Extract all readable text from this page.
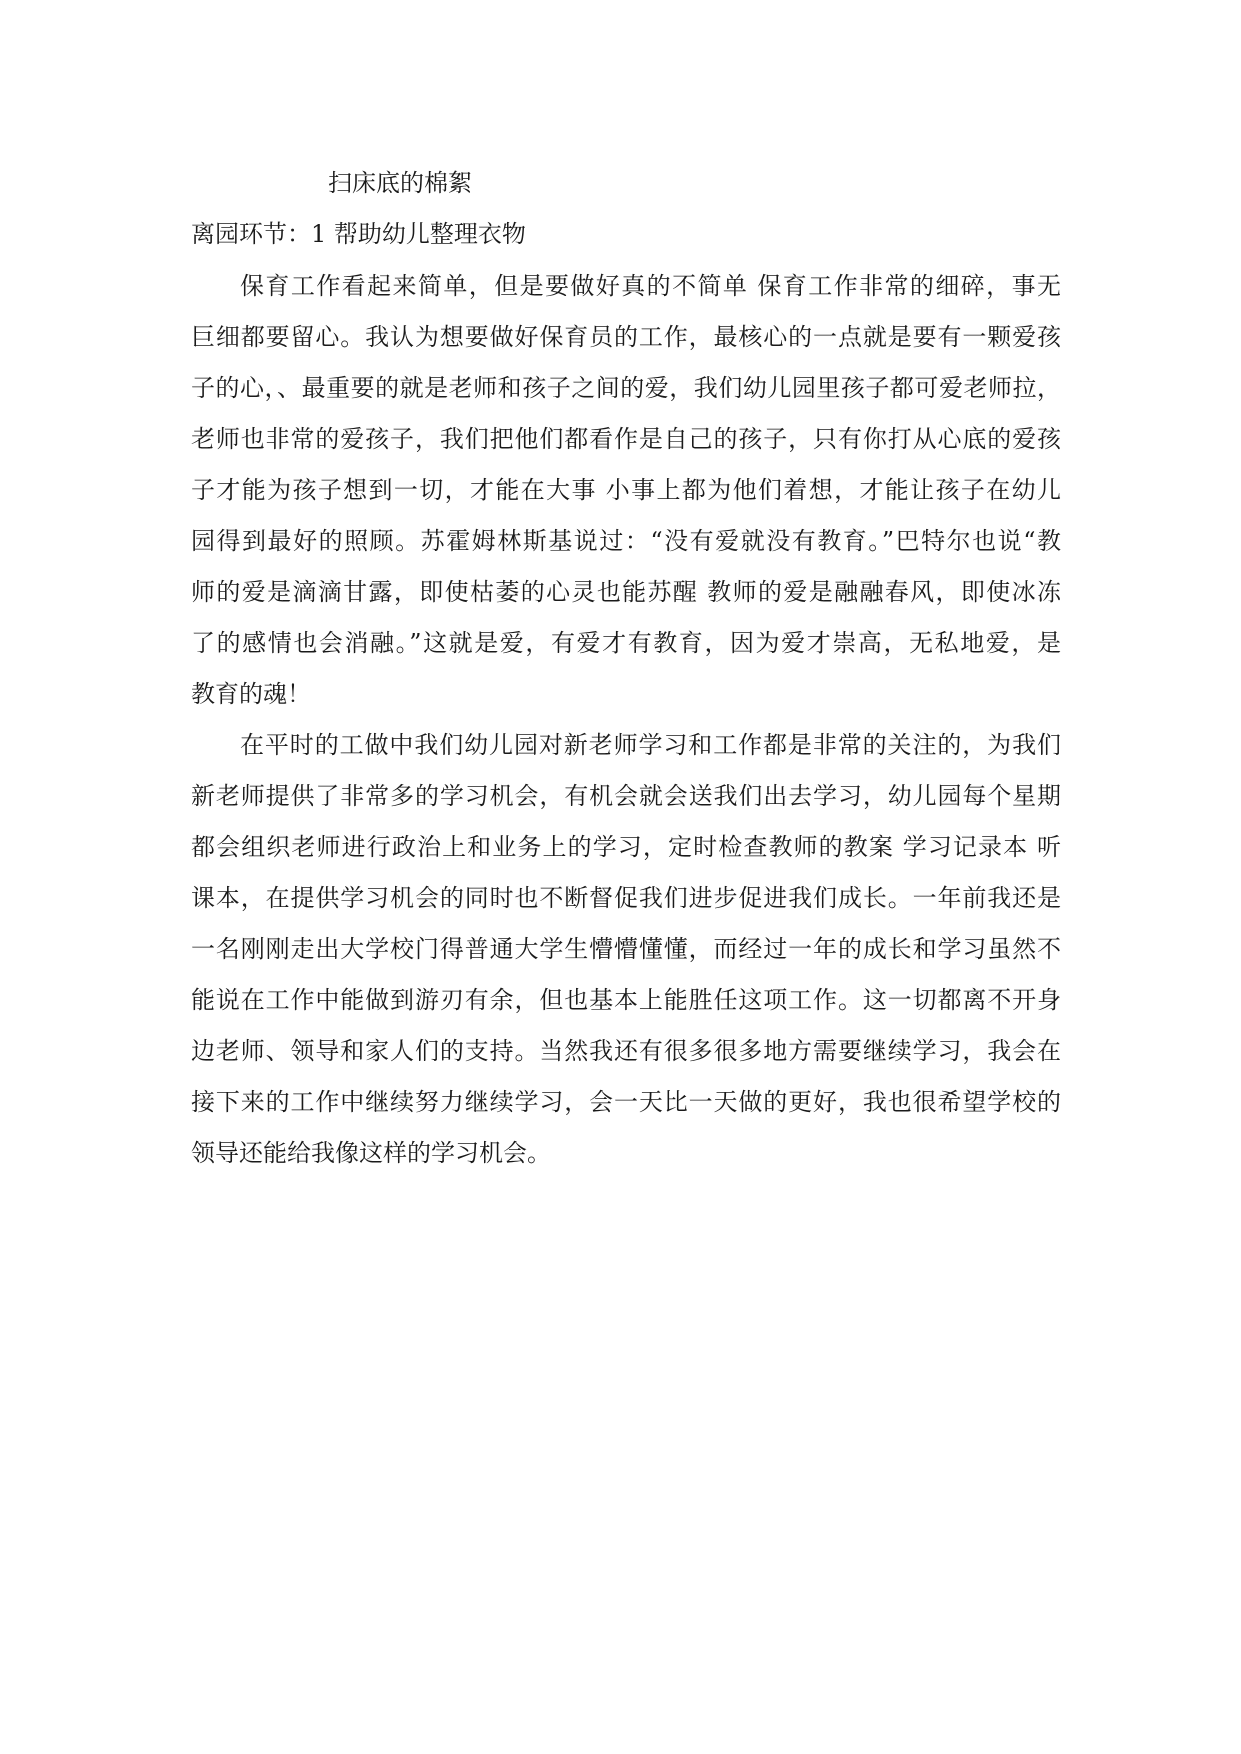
扫床底的棉絮
离园环节：1 帮助幼儿整理衣物
保育工作看起来简单，但是要做好真的不简单 保育工作非常的细碎，事无
巨细都要留心。我认为想要做好保育员的工作，最核心的一点就是要有一颗爱孩
子的心，、最重要的就是老师和孩子之间的爱，我们幼儿园里孩子都可爱老师拉，
老师也非常的爱孩子，我们把他们都看作是自己的孩子，只有你打从心底的爱孩
子才能为孩子想到一切，才能在大事 小事上都为他们着想，才能让孩子在幼儿
园得到最好的照顾。苏霍姆林斯基说过：“没有爱就没有教育。”巴特尔也说“教
师的爱是滴滴甘露，即使枯萎的心灵也能苏醒 教师的爱是融融春风，即使冰冻
了的感情也会消融。”这就是爱，有爱才有教育，因为爱才崇高，无私地爱，是
教育的魂！
在平时的工做中我们幼儿园对新老师学习和工作都是非常的关注的，为我们
新老师提供了非常多的学习机会，有机会就会送我们出去学习，幼儿园每个星期
都会组织老师进行政治上和业务上的学习，定时检查教师的教案 学习记录本 听
课本，在提供学习机会的同时也不断督促我们进步促进我们成长。一年前我还是
一名刚刚走出大学校门得普通大学生懵懵懂懂，而经过一年的成长和学习虽然不
能说在工作中能做到游刃有余，但也基本上能胜任这项工作。这一切都离不开身
边老师、领导和家人们的支持。当然我还有很多很多地方需要继续学习，我会在
接下来的工作中继续努力继续学习，会一天比一天做的更好，我也很希望学校的
领导还能给我像这样的学习机会。
